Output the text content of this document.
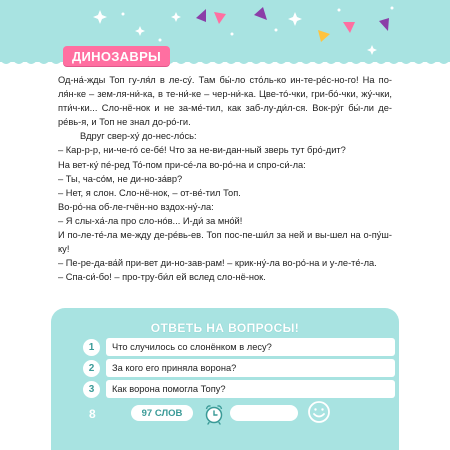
ДИНОЗАВРЫ

Од-на́-жды Топ гу-ля́л в ле-су́. Там бы́-ло сто́ль-ко ин-те-ре́с-но-го! На по-ля́н-ке – зем-ля-ни́-ка, в те-ни́-ке – чер-ни́-ка. Цве-то́-чки, гри-бо́-чки, жу́-чки, пти́ч-ки... Сло-нё-нок и не за-ме́-тил, как заб-лу-ди́л-ся. Вок-ру́г бы́-ли де-ре́вь-я, и Топ не знал до-ро́-ги.

Вдруг свер-ху́ до-нес-ло́сь:

– Кар-р-р, ни-че-го́ се-бе́! Что за не-ви-дан-ный зверь тут бро́-дит?

На вет-ку́ пе́-ред То́-пом при-се́-ла во-ро́-на и спро-си́-ла:

– Ты, ча-со́м, не ди-но-за́вр?

– Нет, я слон. Сло-нё-нок, – от-ве́-тил Топ.

Во-ро́-на об-ле-гчён-но вздох-ну́-ла:

– Я слы-ха́-ла про сло-нóв... И-ди́ за мно́й!

И по-ле-те́-ла ме-жду де-ре́вь-ев. Топ пос-пе-ши́л за ней и вы-шел на о-пу́ш-ку!

– Пе-ре-да-ва́й при-вет ди-но-зав-рам! – крик-ну́-ла во-ро́-на и у-ле-те́-ла.

– Спа-си́-бо! – про-тру-би́л ей вслед сло-нё-нок.

ОТВЕТЬ НА ВОПРОСЫ!
1	Что случилось со слонёнком в лесу?
2	За кого его приняла ворона?
3	Как ворона помогла Топу?
8	97 СЛОВ
